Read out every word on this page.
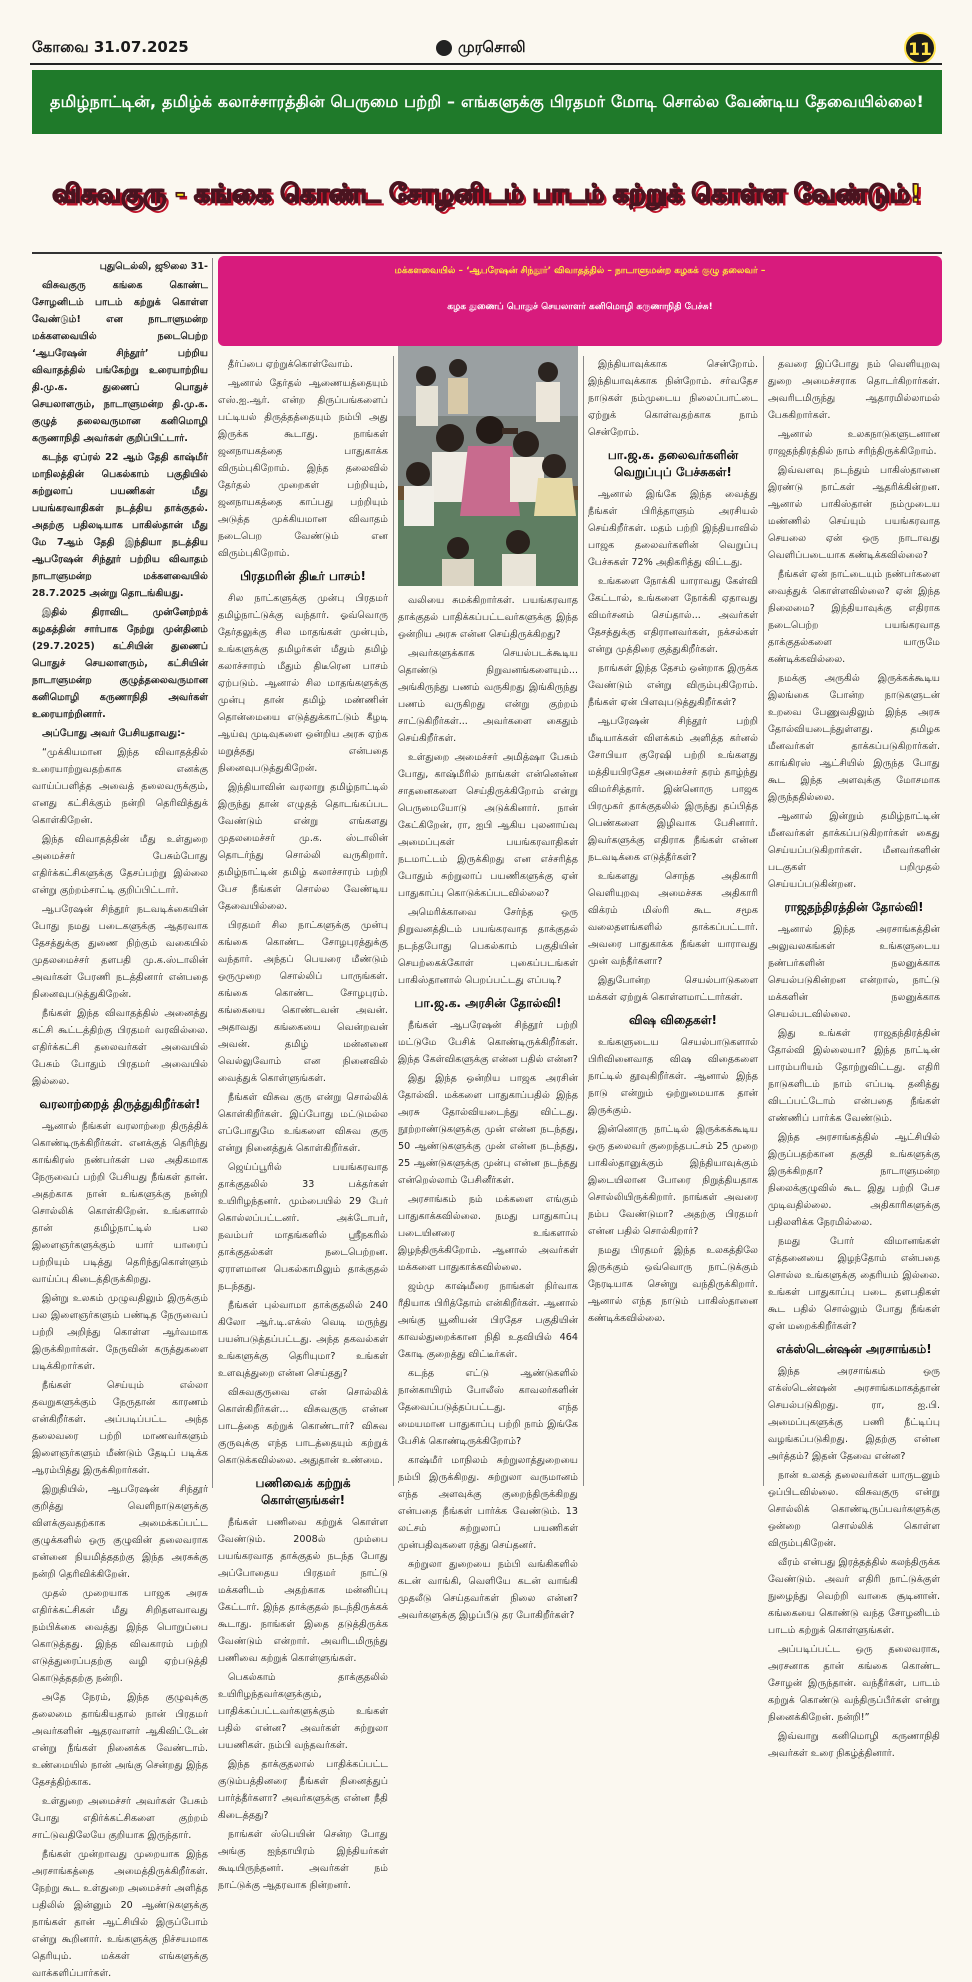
கோவை 31.07.2025	முரசொலி	11
தமிழ்நாட்டின், தமிழ்க் கலாச்சாரத்தின் பெருமை பற்றி – எங்களுக்கு பிரதமர் மோடி சொல்ல வேண்டிய தேவையில்லை!
விசுவகுரு - கங்கை கொண்ட சோழனிடம் பாடம் கற்றுக் கொள்ள வேண்டும்!
மக்களவையில் – ‘ஆபரேஷன் சிந்தூர்’ விவாதத்தில் – நாடாளுமன்ற கழகக் குழு தலைவர் –
கழக துணைப் பொதுச் செயலாளர் கனிமொழி கருணாநிதி பேச்சு!

புதுடெல்லி, ஜூலை 31-

விசுவகுரு கங்கை கொண்ட சோழனிடம் பாடம் கற்றுக் கொள்ள வேண்டும்! என நாடாளுமன்ற மக்களவையில் நடைபெற்ற ‘ஆபரேஷன் சிந்தூர்’ பற்றிய விவாதத்தில் பங்கேற்று உரையாற்றிய தி.மு.க. துணைப் பொதுச் செயலாளரும், நாடாளுமன்ற தி.மு.க. குழுத் தலைவருமான கனிமொழி கருணாநிதி அவர்கள் குறிப்பிட்டார்.

கடந்த ஏப்ரல் 22 ஆம் தேதி காஷ்மீர் மாநிலத்தின் பெகல்காம் பகுதியில் சுற்றுலாப் பயணிகள் மீது பயங்கரவாதிகள் நடத்திய தாக்குதல். அதற்கு பதிலடியாக பாகிஸ்தான் மீது மே 7ஆம் தேதி இந்தியா நடத்திய ஆபரேஷன் சிந்தூர் பற்றிய விவாதம் நாடாளுமன்ற மக்களவையில் 28.7.2025 அன்று தொடங்கியது.

இதில் திராவிட முன்னேற்றக் கழகத்தின் சார்பாக நேற்று முன்தினம் (29.7.2025) கட்சியின் துணைப் பொதுச் செயலாளரும், கட்சியின் நாடாளுமன்ற குழுத்தலைவருமான கனிமொழி கருணாநிதி அவர்கள் உரையாற்றினார்.

அப்போது அவர் பேசியதாவது:-

“முக்கியமான இந்த விவாதத்தில் உரையாற்றுவதற்காக எனக்கு வாய்ப்பளித்த அவைத் தலைவருக்கும், எனது கட்சிக்கும் நன்றி தெரிவித்துக் கொள்கிறேன்.

இந்த விவாதத்தின் மீது உள்துறை அமைச்சர் பேசும்போது எதிர்க்கட்சிகளுக்கு தேசப்பற்று இல்லை என்று குற்றம்சாட்டி குறிப்பிட்டார்.

ஆபரேஷன் சிந்தூர் நடவடிக்கையின் போது நமது படைகளுக்கு ஆதரவாக தேசத்துக்கு துணை நிற்கும் வகையில் முதலமைச்சர் தளபதி மு.க.ஸ்டாலின் அவர்கள் பேரணி நடத்தினார் என்பதை நினைவுபடுத்துகிறேன்.

நீங்கள் இந்த விவாதத்தில் அனைத்து கட்சி கூட்டத்திற்கு பிரதமர் வரவில்லை. எதிர்க்கட்சி தலைவர்கள் அவையில் பேசும் போதும் பிரதமர் அவையில் இல்லை.

வரலாற்றைத் திருத்துகிறீர்கள்!

ஆனால் நீங்கள் வரலாற்றை திருத்திக் கொண்டிருக்கிறீர்கள். எனக்குத் தெரிந்து காங்கிரஸ் நண்பர்கள் பல அதிகமாக நேருவைப் பற்றி பேசியது நீங்கள் தான். அதற்காக நான் உங்களுக்கு நன்றி சொல்லிக் கொள்கிறேன். உங்களால் தான் தமிழ்நாட்டில் பல இளைஞர்களுக்கும் யார் யாரைப் பற்றியும் படித்து தெரிந்துகொள்ளும் வாய்ப்பு கிடைத்திருக்கிறது.

இன்று உலகம் முழுவதிலும் இருக்கும் பல இளைஞர்களும் பண்டித நேருவைப் பற்றி அறிந்து கொள்ள ஆர்வமாக இருக்கிறார்கள். நேருவின் கருத்துகளை படிக்கிறார்கள்.

நீங்கள் செய்யும் எல்லா தவறுகளுக்கும் நேருதான் காரணம் என்கிறீர்கள். அப்படிப்பட்ட அந்த தலைவரை பற்றி மாணவர்களும் இளைஞர்களும் மீண்டும் தேடிப் படிக்க ஆரம்பித்து இருக்கிறார்கள்.

இறுதியில், ஆபரேஷன் சிந்தூர் குறித்து வெளிநாடுகளுக்கு விளக்குவதற்காக அமைக்கப்பட்ட குழுக்களில் ஒரு குழுவின் தலைவராக என்னை நியமித்ததற்கு இந்த அரசுக்கு நன்றி தெரிவிக்கிறேன்.

முதல் முறையாக பாஜக அரசு எதிர்க்கட்சிகள் மீது சிறிதளவாவது நம்பிக்கை வைத்து இந்த பொறுப்பை கொடுத்தது. இந்த விவகாரம் பற்றி எடுத்துரைப்பதற்கு வழி ஏற்படுத்தி கொடுத்ததற்கு நன்றி.

அதே நேரம், இந்த குழுவுக்கு தலைமை தாங்கியதால் நான் பிரதமர் அவர்களின் ஆதரவாளர் ஆகிவிட்டேன் என்று நீங்கள் நினைக்க வேண்டாம். உண்மையில் நான் அங்கு சென்றது இந்த தேசத்திற்காக.

உள்துறை அமைச்சர் அவர்கள் பேசும் போது எதிர்க்கட்சிகளை குற்றம் சாட்டுவதிலேயே குறியாக இருந்தார்.

நீங்கள் முன்றாவது முறையாக இந்த அரசாங்கத்தை அமைத்திருக்கிறீர்கள். நேற்று கூட உள்துறை அமைச்சர் அளித்த பதிலில் இன்னும் 20 ஆண்டுகளுக்கு நாங்கள் தான் ஆட்சியில் இருப்போம் என்று கூறினார். உங்களுக்கு நிச்சயமாக தெரியும். மக்கள் எங்களுக்கு வாக்களிப்பார்கள்.

தீர்ப்பை ஏற்றுக்கொள்வோம்.

ஆனால் தேர்தல் ஆணையத்தையும் எஸ்.ஐ.ஆர். என்ற திருப்பங்களைப் பட்டியல் திருத்தத்தையும் நம்பி அது இருக்க கூடாது. நாங்கள் ஜனநாயகத்தை பாதுகாக்க விரும்புகிறோம். இந்த தலைவில் தேர்தல் முறைகள் பற்றியும், ஜனநாயகத்தை காப்பது பற்றியும் அடுத்த முக்கியமான விவாதம் நடைபெற வேண்டும் என விரும்புகிறோம்.

பிரதமரின் திடீர் பாசம்!

சில நாட்களுக்கு முன்பு பிரதமர் தமிழ்நாட்டுக்கு வந்தார். ஓவ்வொரு தேர்தலுக்கு சில மாதங்கள் முன்பும், உங்களுக்கு தமிழர்கள் மீதும் தமிழ் கலாச்சாரம் மீதும் திடீரென பாசம் ஏற்படும். ஆனால் சில மாதங்களுக்கு முன்பு தான் தமிழ் மண்ணின் தொன்மையை எடுத்துக்காட்டும் கீழடி ஆய்வு முடிவுகளை ஒன்றிய அரசு ஏற்க மறுத்தது என்பதை நினைவுபடுத்துகிறேன்.

இந்தியாவின் வரலாறு தமிழ்நாட்டில் இருந்து தான் எழுதத் தொடங்கப்பட வேண்டும் என்று எங்களது முதலமைச்சர் மு.க. ஸ்டாலின் தொடர்ந்து சொல்லி வருகிறார். தமிழ்நாட்டின் தமிழ் கலாச்சாரம் பற்றி பேச நீங்கள் சொல்ல வேண்டிய தேவையில்லை.

பிரதமர் சில நாட்களுக்கு முன்பு கங்கை கொண்ட சோழபுரத்துக்கு வந்தார். அந்தப் பெயரை மீண்டும் ஒருமுறை சொல்லிப் பாருங்கள். கங்கை கொண்ட சோழபுரம். கங்கையை கொண்டவன் அவன். அதாவது கங்கையை வென்றவன் அவன். தமிழ் மன்னனை வெல்லுவோம் என நினைவில் வைத்துக் கொள்ளுங்கள்.

நீங்கள் விசுவ குரு என்று சொல்லிக் கொள்கிறீர்கள். இப்போது மட்டுமல்ல எப்போதுமே உங்களை விசுவ குரு என்று நினைத்துக் கொள்கிறீர்கள்.

ஜெய்ப்பூரில் பயங்கரவாத தாக்குதலில் 33 பக்தர்கள் உயிரிழந்தனர். மும்பையில் 29 பேர் கொல்லப்பட்டனர். அக்டோபர், நவம்பர் மாதங்களில் ஸ்ரீநகரில் தாக்குதல்கள் நடைபெற்றன. ஏராளமான பெகல்காமிலும் தாக்குதல் நடந்தது.

நீங்கள் புல்வாமா தாக்குதலில் 240 கிலோ ஆர்.டி.எக்ஸ் வெடி மருந்து பயன்படுத்தப்பட்டது. அந்த தகவல்கள் உங்களுக்கு தெரியுமா? உங்கள் உளவுத்துறை என்ன செய்தது?

விசுவகுருவை என் சொல்லிக் கொள்கிறீர்கள்... விசுவகுரு என்ன பாடத்தை கற்றுக் கொண்டார்? விசுவ குருவுக்கு எந்த பாடத்தையும் கற்றுக் கொடுக்கவில்லை. அதுதான் உண்மை.

பணிவைக் கற்றுக் கொள்ளுங்கள்!

நீங்கள் பணிவை கற்றுக் கொள்ள வேண்டும். 2008ல் மும்பை பயங்கரவாத தாக்குதல் நடந்த போது அப்போதைய பிரதமர் நாட்டு மக்களிடம் அதற்காக மன்னிப்பு கேட்டார். இந்த தாக்குதல் நடந்திருக்கக் கூடாது. நாங்கள் இதை தடுத்திருக்க வேண்டும் என்றார். அவரிடமிருந்து பணிவை கற்றுக் கொள்ளுங்கள்.

பெகல்காம் தாக்குதலில் உயிரிழந்தவர்களுக்கும், பாதிக்கப்பட்டவர்களுக்கும் உங்கள் பதில் என்ன? அவர்கள் சுற்றுலா பயணிகள். நம்பி வந்தவர்கள்.

இந்த தாக்குதலால் பாதிக்கப்பட்ட குடும்பத்தினரை நீங்கள் நினைத்துப் பார்த்தீர்களா? அவர்களுக்கு என்ன நீதி கிடைத்தது?

நாங்கள் ஸ்பெயின் சென்ற போது அங்கு ஐந்தாயிரம் இந்தியர்கள் கூடியிருந்தனர். அவர்கள் நம் நாட்டுக்கு ஆதரவாக நின்றனர்.

வலியை சுமக்கிறார்கள். பயங்கரவாத தாக்குதல் பாதிக்கப்பட்டவர்களுக்கு இந்த ஒன்றிய அரசு என்ன செய்திருக்கிறது?

அவர்களுக்காக செயல்படக்கூடிய தொண்டு நிறுவனங்களையும்... அங்கிருந்து பணம் வருகிறது இங்கிருந்து பணம் வருகிறது என்று குற்றம் சாட்டுகிறீர்கள்... அவர்களை கைதும் செய்கிறீர்கள்.

உள்துறை அமைச்சர் அமித்ஷா பேசும் போது, காஷ்மீரில் நாங்கள் என்னென்ன சாதனைகளை செய்திருக்கிறோம் என்று பெருமையோடு அடுக்கினார். நான் கேட்கிறேன், ரா, ஐபி ஆகிய புலனாய்வு அமைப்புகள் பயங்கரவாதிகள் நடமாட்டம் இருக்கிறது என எச்சரித்த போதும் சுற்றுலாப் பயணிகளுக்கு ஏன் பாதுகாப்பு கொடுக்கப்படவில்லை?

அமெரிக்காவை சேர்ந்த ஒரு நிறுவனத்திடம் பயங்கரவாத தாக்குதல் நடந்தபோது பெகல்காம் பகுதியின் செயற்கைக்கோள் புகைப்படங்கள் பாகிஸ்தானால் பெறப்பட்டது எப்படி?

பா.ஜ.க. அரசின் தோல்வி!

நீங்கள் ஆபரேஷன் சிந்தூர் பற்றி மட்டுமே பேசிக் கொண்டிருக்கிறீர்கள். இந்த கேள்விகளுக்கு என்ன பதில் என்ன?

இது இந்த ஒன்றிய பாஜக அரசின் தோல்வி. மக்களை பாதுகாப்பதில் இந்த அரசு தோல்வியடைந்து விட்டது. நூற்றாண்டுகளுக்கு முன் என்ன நடந்தது, 50 ஆண்டுகளுக்கு முன் என்ன நடந்தது, 25 ஆண்டுகளுக்கு முன்பு என்ன நடந்தது என்றெல்லாம் பேசினீர்கள்.

அரசாங்கம் நம் மக்களை எங்கும் பாதுகாக்கவில்லை. நமது பாதுகாப்பு படையினரை உங்களால் இழந்திருக்கிறோம். ஆனால் அவர்கள் மக்களை பாதுகாக்கவில்லை.

ஜம்மு காஷ்மீரை நாங்கள் நிர்வாக ரீதியாக பிரித்தோம் என்கிறீர்கள். ஆனால் அங்கு யூனியன் பிரதேச பகுதியின் காவல்துறைக்கான நிதி உதவியில் 464 கோடி குறைத்து விட்டீர்கள்.

கடந்த எட்டு ஆண்டுகளில் நான்காயிரம் போலீஸ் காவலர்களின் தேவைப்படுத்தப்பட்டது. எந்த மையமான பாதுகாப்பு பற்றி நாம் இங்கே பேசிக் கொண்டிருக்கிறோம்?

காஷ்மீர் மாநிலம் சுற்றுலாத்துறையை நம்பி இருக்கிறது. சுற்றுலா வருமானம் எந்த அளவுக்கு குறைந்திருக்கிறது என்பதை நீங்கள் பார்க்க வேண்டும். 13 லட்சம் சுற்றுலாப் பயணிகள் முன்பதிவுகளை ரத்து செய்தனர்.

சுற்றுலா துறையை நம்பி வங்கிகளில் கடன் வாங்கி, வெளியே கடன் வாங்கி முதலீடு செய்தவர்கள் நிலை என்ன? அவர்களுக்கு இழப்பீடு தர போகிறீர்கள்?

இந்தியாவுக்காக சென்றோம். இந்தியாவுக்காக நின்றோம். சர்வதேச நாடுகள் நம்முடைய நிலைப்பாட்டை ஏற்றுக் கொள்வதற்காக நாம் சென்றோம்.

பா.ஜ.க. தலைவர்களின் வெறுப்புப் பேச்சுகள்!

ஆனால் இங்கே இந்த வைத்து நீங்கள் பிரித்தாளும் அரசியல் செய்கிறீர்கள். மதம் பற்றி இந்தியாவில் பாஜக தலைவர்களின் வெறுப்பு பேச்சுகள் 72% அதிகரித்து விட்டது.

உங்களை நோக்கி யாராவது கேள்வி கேட்டால், உங்களை நோக்கி ஏதாவது விமர்சனம் செய்தால்... அவர்கள் தேசத்துக்கு எதிரானவர்கள், நக்சல்கள் என்று முத்திரை குத்துகிறீர்கள்.

நாங்கள் இந்த தேசம் ஒன்றாக இருக்க வேண்டும் என்று விரும்புகிறோம். நீங்கள் ஏன் பிளவுபடுத்துகிறீர்கள்?

ஆபரேஷன் சிந்தூர் பற்றி மீடியாக்கள் விளக்கம் அளித்த கர்னல் சோபியா குரேஷி பற்றி உங்களது மத்தியபிரதேச அமைச்சர் தரம் தாழ்ந்து விமர்சித்தார். இன்னொரு பாஜக பிரமுகர் தாக்குதலில் இருந்து தப்பித்த பெண்களை இழிவாக பேசினார். இவர்களுக்கு எதிராக நீங்கள் என்ன நடவடிக்கை எடுத்தீர்கள்?

உங்களது சொந்த அதிகாரி வெளியுறவு அமைச்சக அதிகாரி விக்ரம் மிஸ்ரி கூட சமூக வலைதளங்களில் தாக்கப்பட்டார். அவரை பாதுகாக்க நீங்கள் யாராவது முன் வந்தீர்களா?

இதுபோன்ற செயல்பாடுகளை மக்கள் ஏற்றுக் கொள்ளமாட்டார்கள்.

விஷ விதைகள்!

உங்களுடைய செயல்பாடுகளால் பிரிவினைவாத விஷ விதைகளை நாட்டில் தூவுகிறீர்கள். ஆனால் இந்த நாடு என்றும் ஒற்றுமையாக தான் இருக்கும்.

இன்னொரு நாட்டில் இருக்கக்கூடிய ஒரு தலைவர் குறைந்தபட்சம் 25 முறை பாகிஸ்தானுக்கும் இந்தியாவுக்கும் இடையிலான போரை நிறுத்தியதாக சொல்லியிருக்கிறார். நாங்கள் அவரை நம்ப வேண்டுமா? அதற்கு பிரதமர் என்ன பதில் சொல்கிறார்?

நமது பிரதமர் இந்த உலகத்திலே இருக்கும் ஒவ்வொரு நாட்டுக்கும் நேரடியாக சென்று வந்திருக்கிறார். ஆனால் எந்த நாடும் பாகிஸ்தானை கண்டிக்கவில்லை.

தவரை இப்போது நம் வெளியுறவு துறை அமைச்சராக தொடர்கிறார்கள். அவரிடமிருந்து ஆதாரமில்லாமல் பேசுகிறார்கள்.

ஆனால் உலகநாடுகளுடனான ராஜதந்திரத்தில் நாம் சரிந்திருக்கிறோம்.

இவ்வளவு நடந்தும் பாகிஸ்தானை இரண்டு நாட்கள் ஆதரிக்கின்றன. ஆனால் பாகிஸ்தான் நம்முடைய மண்ணில் செய்யும் பயங்கரவாத செயலை ஏன் ஒரு நாடாவது வெளிப்படையாக கண்டிக்கவில்லை?

நீங்கள் ஏன் நாட்டையும் நண்பர்களை வைத்துக் கொள்ளவில்லை? ஏன் இந்த நிலைமை? இந்தியாவுக்கு எதிராக நடைபெற்ற பயங்கரவாத தாக்குதல்களை யாருமே கண்டிக்கவில்லை.

நமக்கு அருகில் இருக்கக்கூடிய இலங்கை போன்ற நாடுகளுடன் உறவை பேணுவதிலும் இந்த அரசு தோல்வியடைந்துள்ளது. தமிழக மீனவர்கள் தாக்கப்படுகிறார்கள். காங்கிரஸ் ஆட்சியில் இருந்த போது கூட இந்த அளவுக்கு மோசமாக இருந்ததில்லை.

ஆனால் இன்றும் தமிழ்நாட்டின் மீனவர்கள் தாக்கப்படுகிறார்கள் கைது செய்யப்படுகிறார்கள். மீனவர்களின் படகுகள் பறிமுதல் செய்யப்படுகின்றன.

ராஜதந்திரத்தின் தோல்வி!

ஆனால் இந்த அரசாங்கத்தின் அலுவலகங்கள் உங்களுடைய நண்பர்களின் நலனுக்காக செயல்படுகின்றன என்றால், நாட்டு மக்களின் நலனுக்காக செயல்படவில்லை.

இது உங்கள் ராஜதந்திரத்தின் தோல்வி இல்லையா? இந்த நாட்டின் பாரம்பரியம் தோற்றுவிட்டது. எதிரி நாடுகளிடம் நாம் எப்படி தனித்து விடப்பட்டோம் என்பதை நீங்கள் எண்ணிப் பார்க்க வேண்டும்.

இந்த அரசாங்கத்தில் ஆட்சியில் இருப்பதற்கான தகுதி உங்களுக்கு இருக்கிறதா? நாடாளுமன்ற நிலைக்குழுவில் கூட இது பற்றி பேச முடிவதில்லை. அதிகாரிகளுக்கு பதிலளிக்க நேரமில்லை.

நமது போர் விமானங்கள் எத்தனையை இழந்தோம் என்பதை சொல்ல உங்களுக்கு தைரியம் இல்லை. உங்கள் பாதுகாப்பு படை தளபதிகள் கூட பதில் சொல்லும் போது நீங்கள் ஏன் மறைக்கிறீர்கள்?

எக்ஸ்டென்ஷன் அரசாங்கம்!

இந்த அரசாங்கம் ஒரு எக்ஸ்டென்ஷன் அரசாங்கமாகத்தான் செயல்படுகிறது. ரா, ஐ.பி. அமைப்புகளுக்கு பணி நீட்டிப்பு வழங்கப்படுகிறது. இதற்கு என்ன அர்த்தம்? இதன் தேவை என்ன?

நான் உலகத் தலைவர்கள் யாருடனும் ஒப்பிடவில்லை. விசுவகுரு என்று சொல்லிக் கொண்டிருப்பவர்களுக்கு ஒன்றை சொல்லிக் கொள்ள விரும்புகிறேன்.

வீரம் என்பது இரத்தத்தில் கலந்திருக்க வேண்டும். அவர் எதிரி நாட்டுக்குள் நுழைந்து வெற்றி வாகை சூடினான். கங்கையை கொண்டு வந்த சோழனிடம் பாடம் கற்றுக் கொள்ளுங்கள்.

அப்படிப்பட்ட ஒரு தலைவராக, அரசனாக தான் கங்கை கொண்ட சோழன் இருந்தான். வந்தீர்கள், பாடம் கற்றுக் கொண்டு வந்திருப்பீர்கள் என்று நினைக்கிறேன். நன்றி!”

இவ்வாறு கனிமொழி கருணாநிதி அவர்கள் உரை நிகழ்த்தினார்.
